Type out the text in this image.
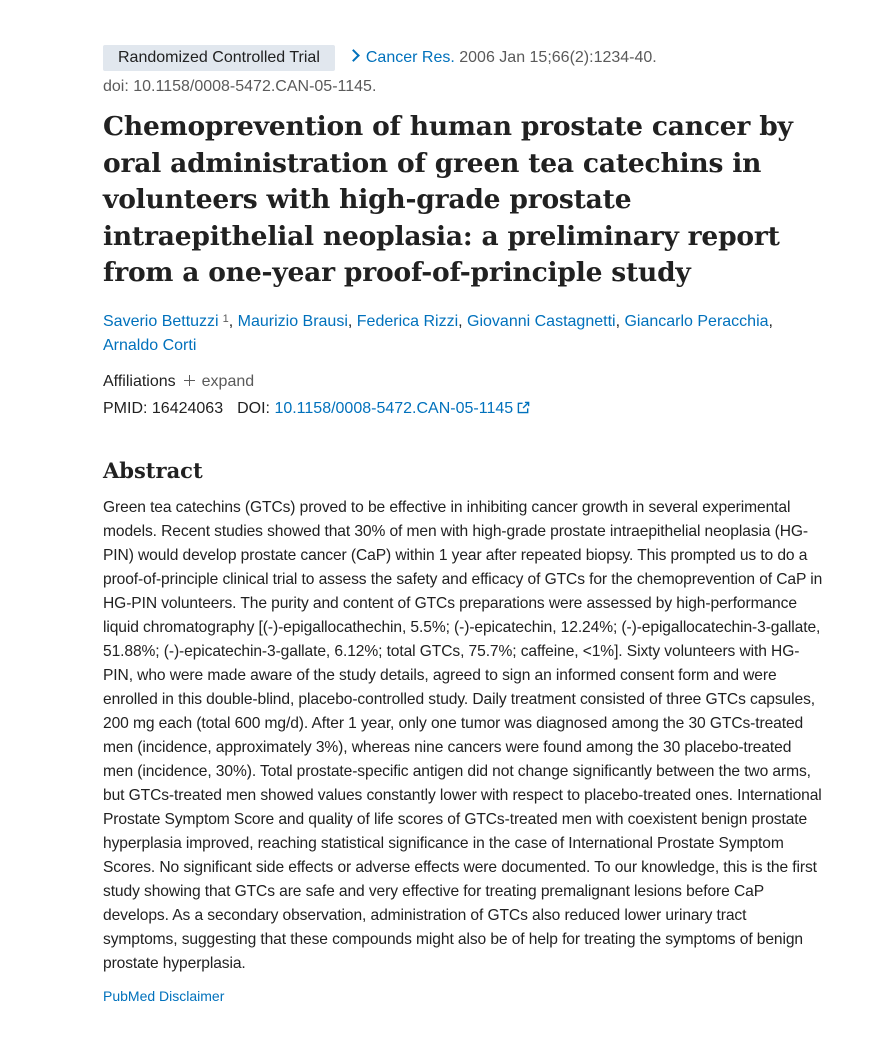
Randomized Controlled Trial	Cancer Res. 2006 Jan 15;66(2):1234-40.
doi: 10.1158/0008-5472.CAN-05-1145.
Chemoprevention of human prostate cancer by oral administration of green tea catechins in volunteers with high-grade prostate intraepithelial neoplasia: a preliminary report from a one-year proof-of-principle study
Saverio Bettuzzi $^1$, Maurizio Brausi, Federica Rizzi, Giovanni Castagnetti, Giancarlo Peracchia,
Arnaldo Corti
Affiliations expand
PMID: 16424063 DOI: 10.1158/0008-5472.CAN-05-1145
Abstract
Green tea catechins (GTCs) proved to be effective in inhibiting cancer growth in several experimental models. Recent studies showed that 30% of men with high-grade prostate intraepithelial neoplasia (HG-PIN) would develop prostate cancer (CaP) within 1 year after repeated biopsy. This prompted us to do a proof-of-principle clinical trial to assess the safety and efficacy of GTCs for the chemoprevention of CaP in HG-PIN volunteers. The purity and content of GTCs preparations were assessed by high-performance liquid chromatography [(-)-epigallocathechin, 5.5%; (-)-epicatechin, 12.24%; (-)-epigallocatechin-3-gallate, 51.88%; (-)-epicatechin-3-gallate, 6.12%; total GTCs, 75.7%; caffeine, <1%]. Sixty volunteers with HG-PIN, who were made aware of the study details, agreed to sign an informed consent form and were enrolled in this double-blind, placebo-controlled study. Daily treatment consisted of three GTCs capsules, 200 mg each (total 600 mg/d). After 1 year, only one tumor was diagnosed among the 30 GTCs-treated men (incidence, approximately 3%), whereas nine cancers were found among the 30 placebo-treated men (incidence, 30%). Total prostate-specific antigen did not change significantly between the two arms, but GTCs-treated men showed values constantly lower with respect to placebo-treated ones. International Prostate Symptom Score and quality of life scores of GTCs-treated men with coexistent benign prostate hyperplasia improved, reaching statistical significance in the case of International Prostate Symptom Scores. No significant side effects or adverse effects were documented. To our knowledge, this is the first study showing that GTCs are safe and very effective for treating premalignant lesions before CaP develops. As a secondary observation, administration of GTCs also reduced lower urinary tract symptoms, suggesting that these compounds might also be of help for treating the symptoms of benign prostate hyperplasia.
PubMed Disclaimer
